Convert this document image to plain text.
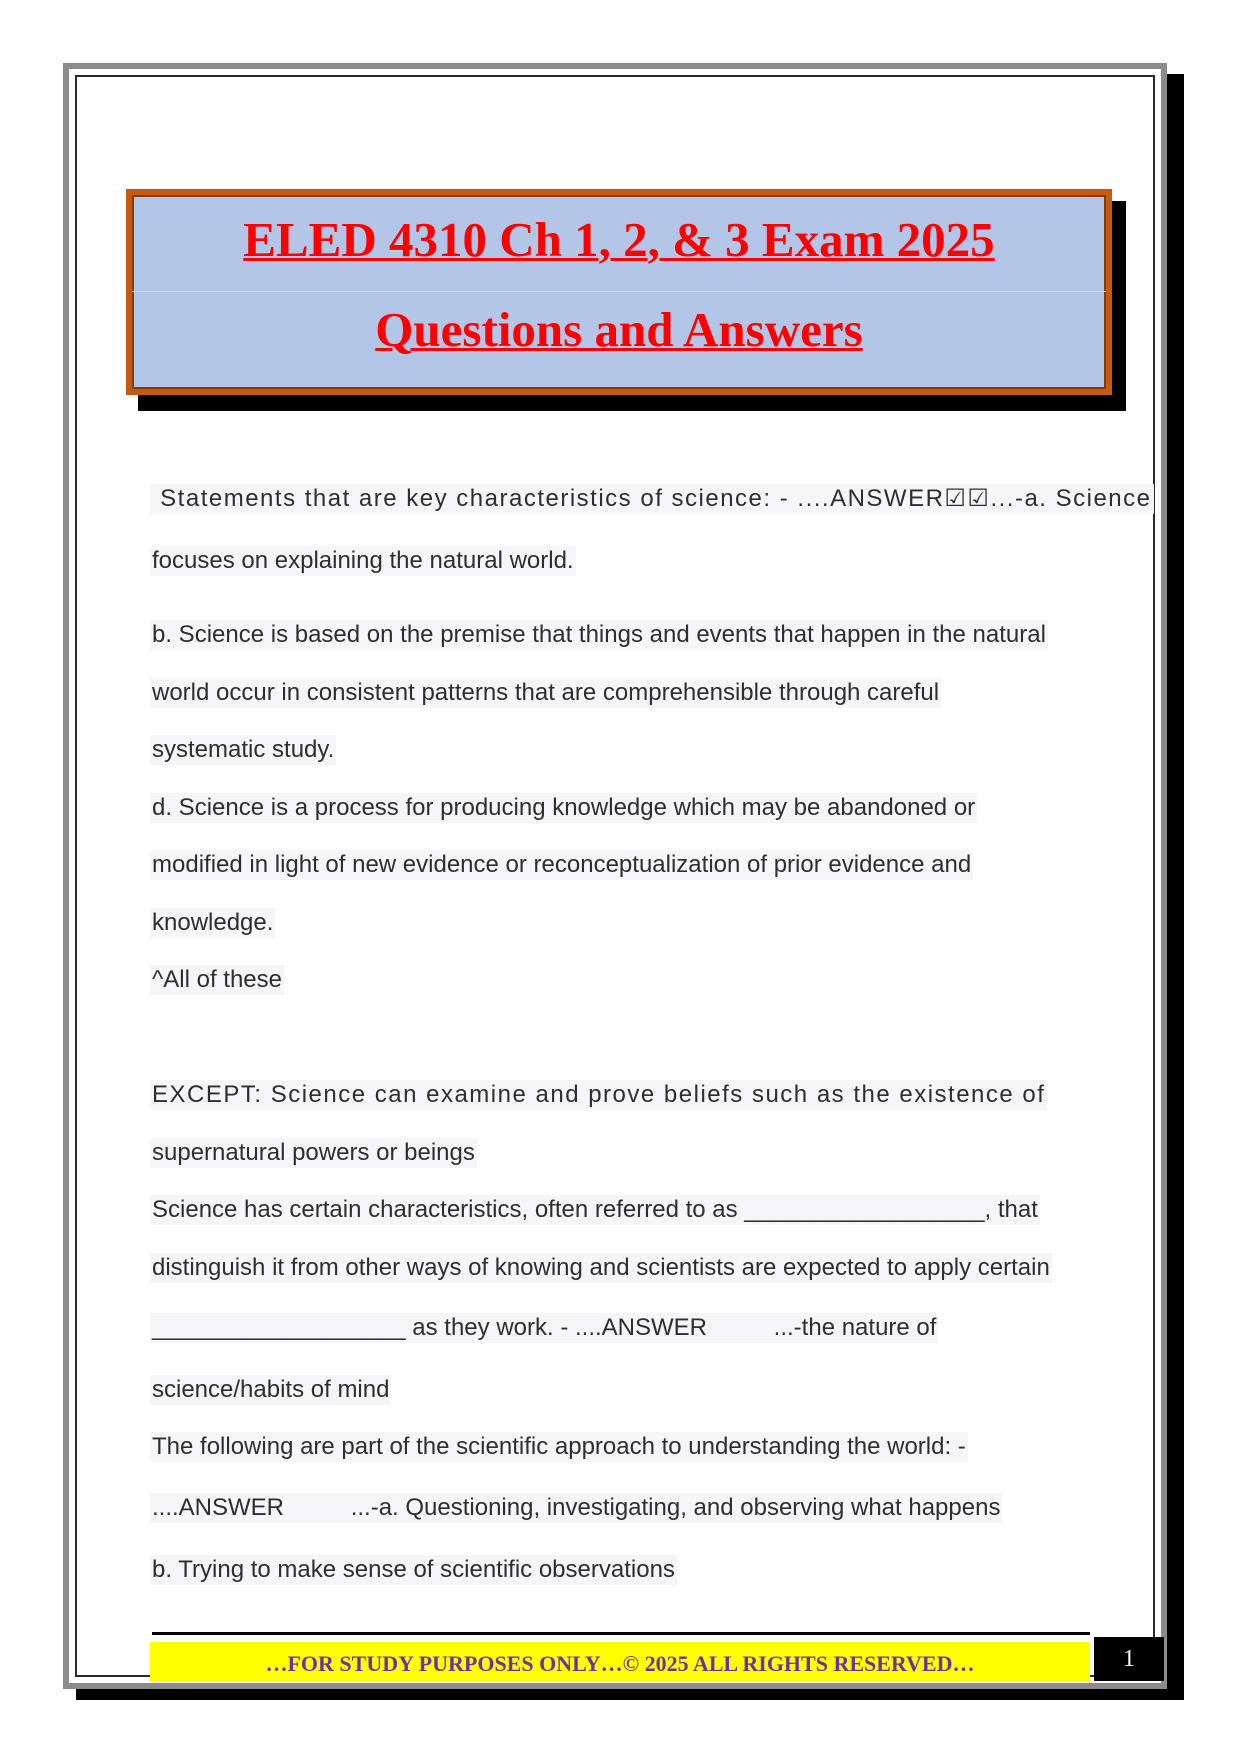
ELED 4310 Ch 1, 2, & 3 Exam 2025
Questions and Answers
Statements that are key characteristics of science: - ....ANSWER☑☑...-a. Science
focuses on explaining the natural world.
b. Science is based on the premise that things and events that happen in the natural
world occur in consistent patterns that are comprehensible through careful
systematic study.
d. Science is a process for producing knowledge which may be abandoned or
modified in light of new evidence or reconceptualization of prior evidence and
knowledge.
^All of these
EXCEPT: Science can examine and prove beliefs such as the existence of
supernatural powers or beings
Science has certain characteristics, often referred to as __________________, that
distinguish it from other ways of knowing and scientists are expected to apply certain
___________________ as they work. - ....ANSWER          ...-the nature of
science/habits of mind
The following are part of the scientific approach to understanding the world: -
....ANSWER          ...-a. Questioning, investigating, and observing what happens
b. Trying to make sense of scientific observations
…FOR STUDY PURPOSES ONLY…© 2025 ALL RIGHTS RESERVED…	1
